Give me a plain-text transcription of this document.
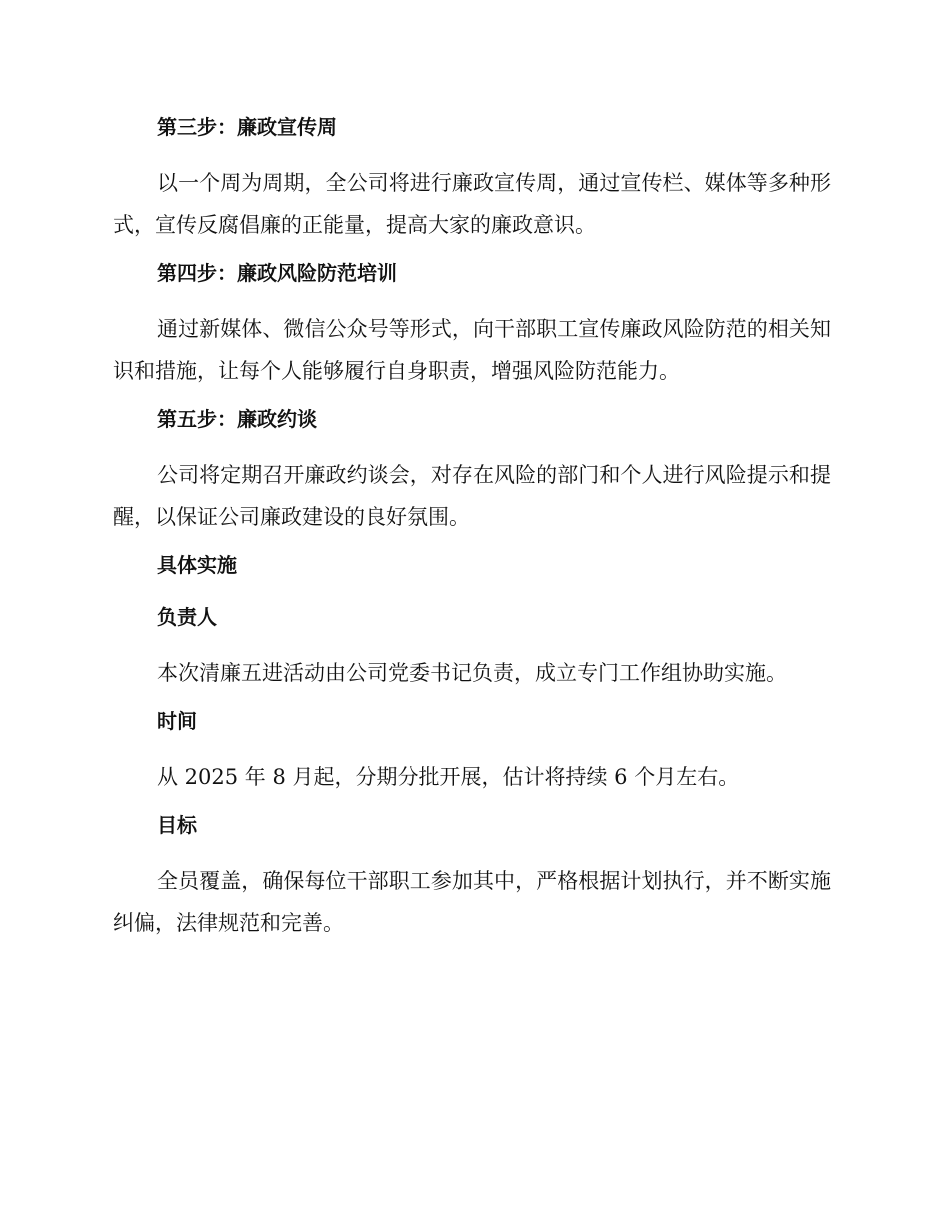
第三步：廉政宣传周

以一个周为周期，全公司将进行廉政宣传周，通过宣传栏、媒体等多种形式，宣传反腐倡廉的正能量，提高大家的廉政意识。

第四步：廉政风险防范培训

通过新媒体、微信公众号等形式，向干部职工宣传廉政风险防范的相关知识和措施，让每个人能够履行自身职责，增强风险防范能力。

第五步：廉政约谈

公司将定期召开廉政约谈会，对存在风险的部门和个人进行风险提示和提醒，以保证公司廉政建设的良好氛围。

具体实施
负责人

本次清廉五进活动由公司党委书记负责，成立专门工作组协助实施。

时间

从 2025 年 8 月起，分期分批开展，估计将持续 6 个月左右。

目标

全员覆盖，确保每位干部职工参加其中，严格根据计划执行，并不断实施纠偏，法律规范和完善。
